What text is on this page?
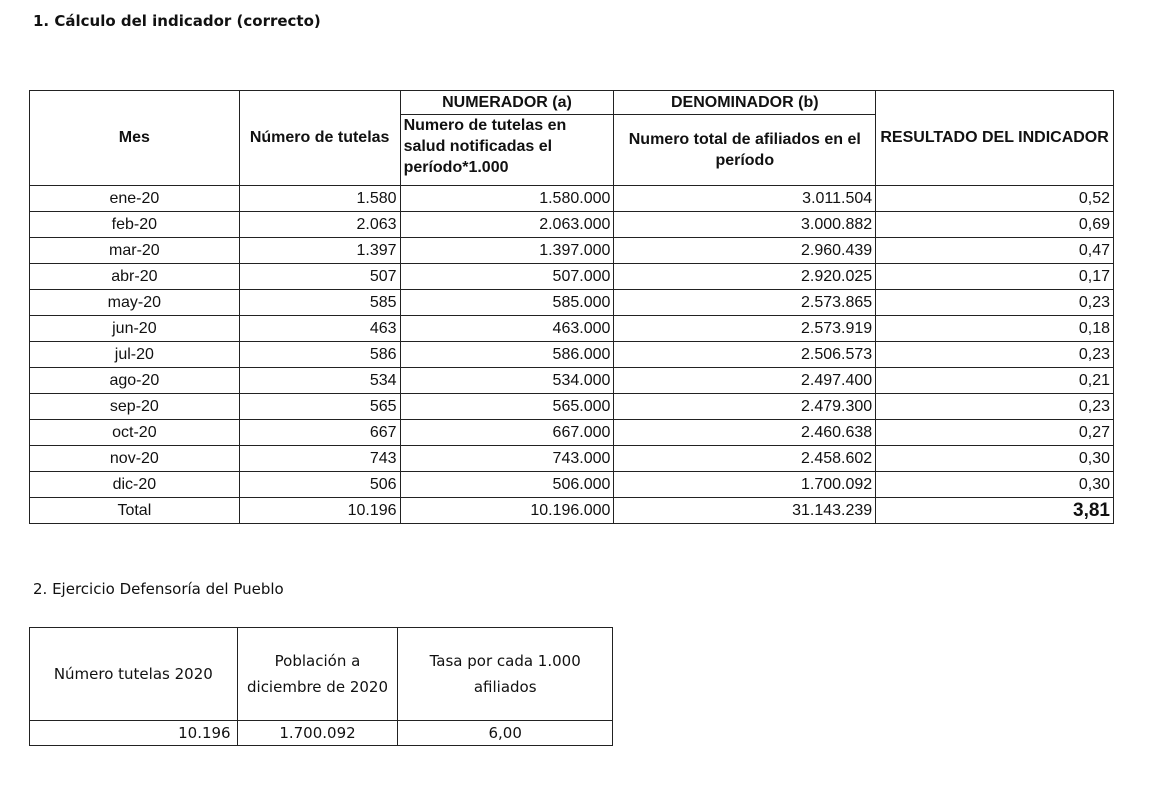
1. Cálculo del indicador (correcto)
Mes	Número de tutelas	NUMERADOR (a)	DENOMINADOR (b)	RESULTADO DEL INDICADOR
		Numero de tutelas en salud notificadas el período*1.000	Numero total de afiliados en el período	
ene-20	1.580	1.580.000	3.011.504	0,52
feb-20	2.063	2.063.000	3.000.882	0,69
mar-20	1.397	1.397.000	2.960.439	0,47
abr-20	507	507.000	2.920.025	0,17
may-20	585	585.000	2.573.865	0,23
jun-20	463	463.000	2.573.919	0,18
jul-20	586	586.000	2.506.573	0,23
ago-20	534	534.000	2.497.400	0,21
sep-20	565	565.000	2.479.300	0,23
oct-20	667	667.000	2.460.638	0,27
nov-20	743	743.000	2.458.602	0,30
dic-20	506	506.000	1.700.092	0,30
Total	10.196	10.196.000	31.143.239	3,81
2. Ejercicio Defensoría del Pueblo
Número tutelas 2020	Población a diciembre de 2020	Tasa por cada 1.000 afiliados
10.196	1.700.092	6,00
